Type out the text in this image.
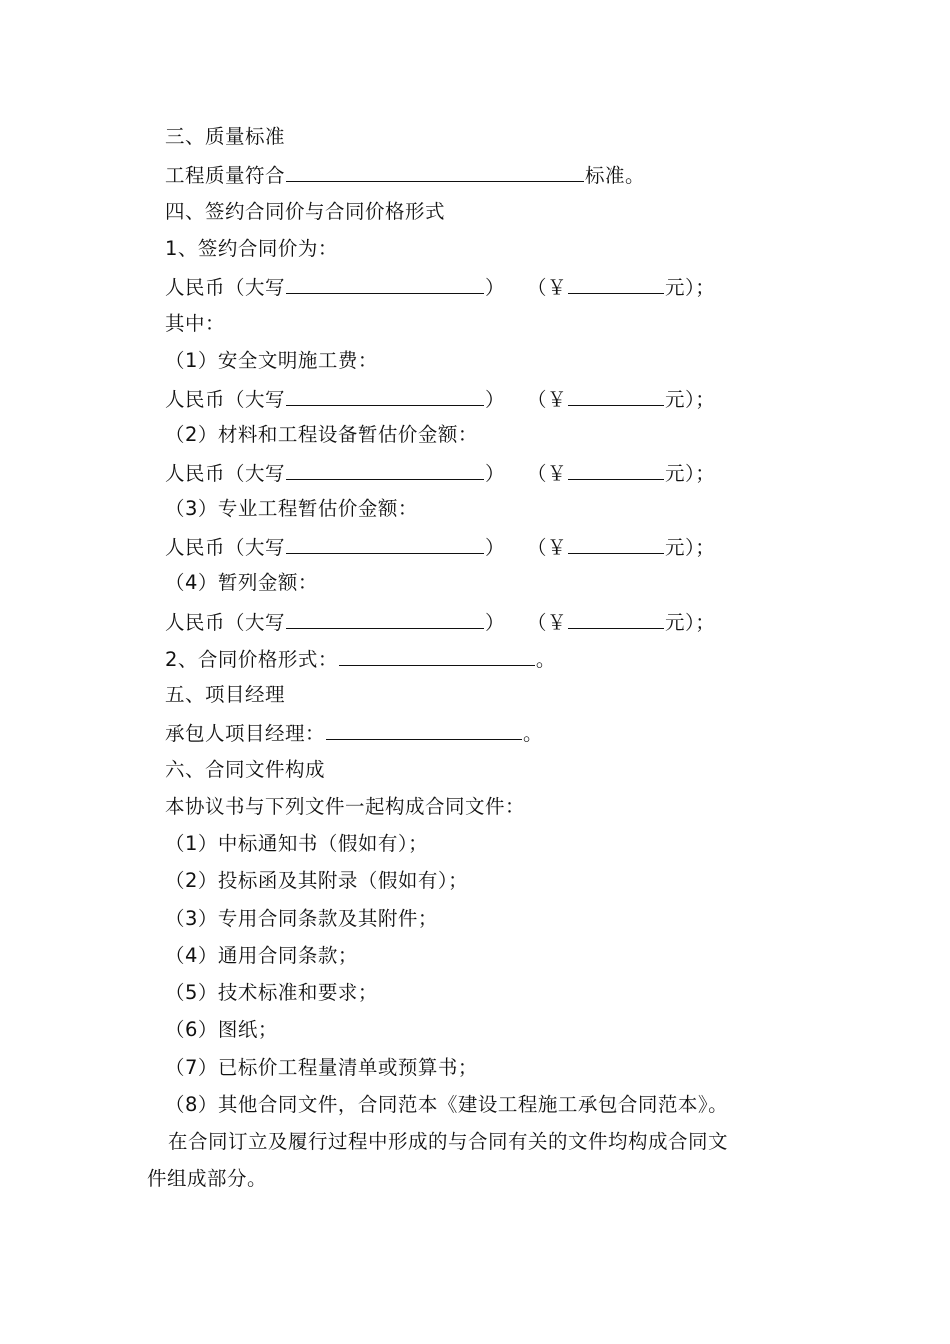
三、质量标准
工程质量符合	标准。
四、签约合同价与合同价格形式
1、签约合同价为：
人民币（大写	） （￥	元）；
其中：
（1）安全文明施工费：
人民币（大写	） （￥	元）；
（2）材料和工程设备暂估价金额：
人民币（大写	） （￥	元）；
（3）专业工程暂估价金额：
人民币（大写	） （￥	元）；
（4）暂列金额：
人民币（大写	） （￥	元）；
2、合同价格形式：	。
五、项目经理
承包人项目经理：	。
六、合同文件构成
本协议书与下列文件一起构成合同文件：
（1）中标通知书（假如有）；
（2）投标函及其附录（假如有）；
（3）专用合同条款及其附件；
（4）通用合同条款；
（5）技术标准和要求；
（6）图纸；
（7）已标价工程量清单或预算书；
（8）其他合同文件，合同范本《建设工程施工承包合同范本》。
在合同订立及履行过程中形成的与合同有关的文件均构成合同文
件组成部分。
